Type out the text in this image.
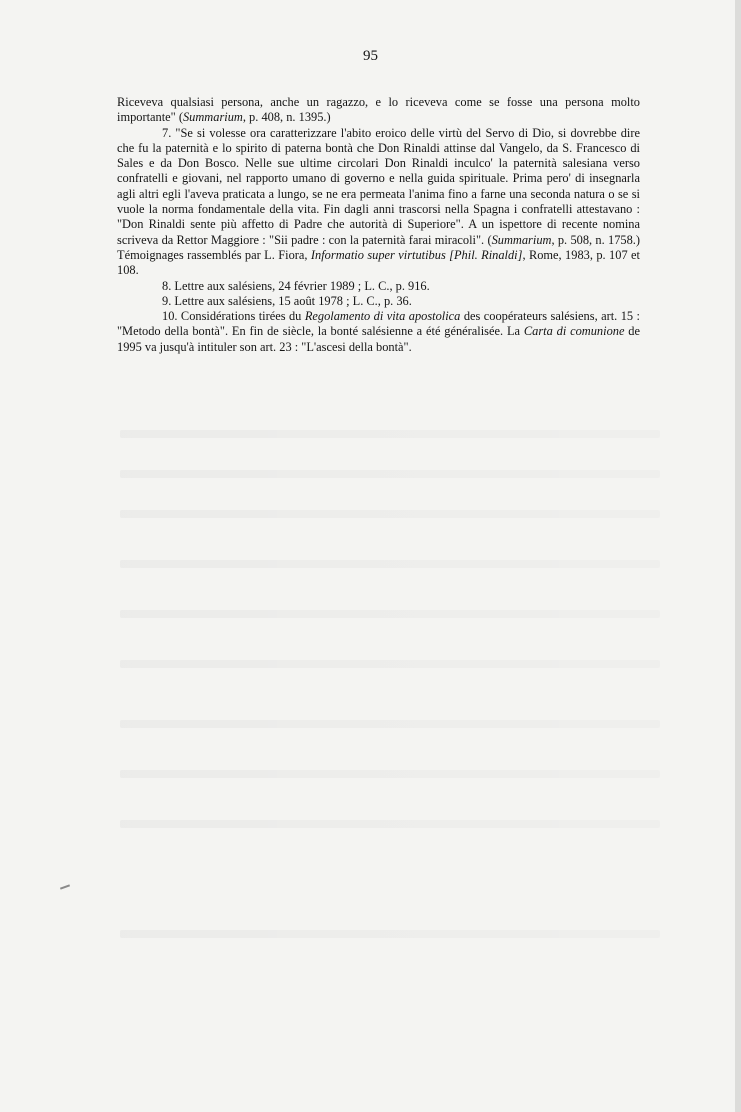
95

Riceveva qualsiasi persona, anche un ragazzo, e lo riceveva come se fosse una persona molto importante" (Summarium, p. 408, n. 1395.)

7. "Se si volesse ora caratterizzare l'abito eroico delle virtù del Servo di Dio, si dovrebbe dire che fu la paternità e lo spirito di paterna bontà che Don Rinaldi attinse dal Vangelo, da S. Francesco di Sales e da Don Bosco. Nelle sue ultime circolari Don Rinaldi inculco' la paternità salesiana verso confratelli e giovani, nel rapporto umano di governo e nella guida spirituale. Prima pero' di insegnarla agli altri egli l'aveva praticata a lungo, se ne era permeata l'anima fino a farne una seconda natura o se si vuole la norma fondamentale della vita. Fin dagli anni trascorsi nella Spagna i confratelli attestavano : "Don Rinaldi sente più affetto di Padre che autorità di Superiore". A un ispettore di recente nomina scriveva da Rettor Maggiore : "Sii padre : con la paternità farai miracoli". (Summarium, p. 508, n. 1758.) Témoignages rassemblés par L. Fiora, Informatio super virtutibus [Phil. Rinaldi], Rome, 1983, p. 107 et 108.

8. Lettre aux salésiens, 24 février 1989 ; L. C., p. 916.

9. Lettre aux salésiens, 15 août 1978 ; L. C., p. 36.

10. Considérations tirées du Regolamento di vita apostolica des coopérateurs salésiens, art. 15 : "Metodo della bontà". En fin de siècle, la bonté salésienne a été généralisée. La Carta di comunione de 1995 va jusqu'à intituler son art. 23 : "L'ascesi della bontà".
